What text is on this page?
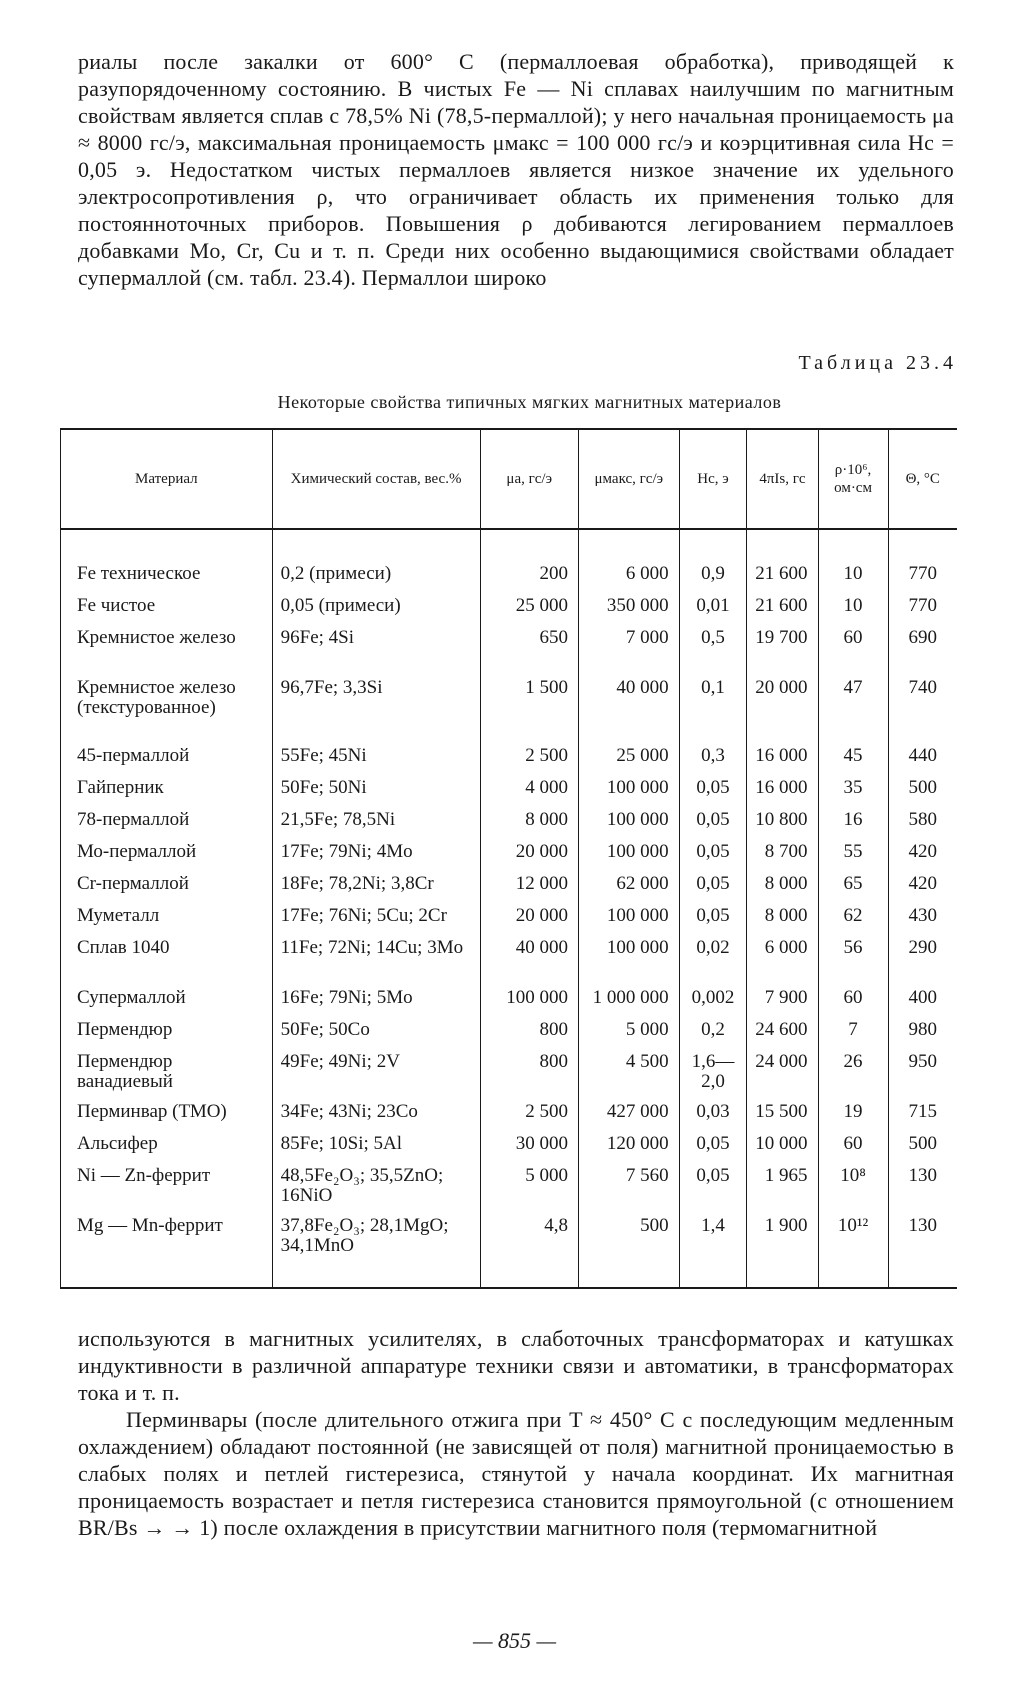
риалы после закалки от 600° С (пермаллоевая обработка), приводящей к разупорядоченному состоянию. В чистых Fe — Ni сплавах наилучшим по магнитным свойствам является сплав с 78,5% Ni (78,5-пермаллой); у него начальная проницаемость μa ≈ 8000 гс/э, максимальная проницаемость μмакс = 100 000 гс/э и коэрцитивная сила Hc = 0,05 э. Недостатком чистых пермаллоев является низкое значение их удельного электросопротивления ρ, что ограничивает область их применения только для постоянноточных приборов. Повышения ρ добиваются легированием пермаллоев добавками Mo, Cr, Cu и т. п. Среди них особенно выдающимися свойствами обладает супермаллой (см. табл. 23.4). Пермаллои широко

Таблица 23.4
Некоторые свойства типичных мягких магнитных материалов
Материал	Химический состав, вес.%	μa, гс/э	μмакс, гс/э	Hc, э	4πIs, гс	ρ·10⁶, ом·см	Θ, °С
Fe техническое	0,2 (примеси)	200	6 000	0,9	21 600	10	770
Fe чистое	0,05 (примеси)	25 000	350 000	0,01	21 600	10	770
Кремнистое железо	96Fe; 4Si	650	7 000	0,5	19 700	60	690
Кремнистое железо (текстурованное)	96,7Fe; 3,3Si	1 500	40 000	0,1	20 000	47	740
45-пермаллой	55Fe; 45Ni	2 500	25 000	0,3	16 000	45	440
Гайперник	50Fe; 50Ni	4 000	100 000	0,05	16 000	35	500
78-пермаллой	21,5Fe; 78,5Ni	8 000	100 000	0,05	10 800	16	580
Мо-пермаллой	17Fe; 79Ni; 4Mo	20 000	100 000	0,05	8 700	55	420
Cr-пермаллой	18Fe; 78,2Ni; 3,8Cr	12 000	62 000	0,05	8 000	65	420
Муметалл	17Fe; 76Ni; 5Cu; 2Cr	20 000	100 000	0,05	8 000	62	430
Сплав 1040	11Fe; 72Ni; 14Cu; 3Mo	40 000	100 000	0,02	6 000	56	290
Супермаллой	16Fe; 79Ni; 5Mo	100 000	1 000 000	0,002	7 900	60	400
Пермендюр	50Fe; 50Co	800	5 000	0,2	24 600	7	980
Пермендюр ванадиевый	49Fe; 49Ni; 2V	800	4 500	1,6—2,0	24 000	26	950
Перминвар (ТМО)	34Fe; 43Ni; 23Co	2 500	427 000	0,03	15 500	19	715
Альсифер	85Fe; 10Si; 5Al	30 000	120 000	0,05	10 000	60	500
Ni — Zn-феррит	48,5Fe₂O₃; 35,5ZnO; 16NiO	5 000	7 560	0,05	1 965	10⁸	130
Mg — Mn-феррит	37,8Fe₂O₃; 28,1MgO; 34,1MnO	4,8	500	1,4	1 900	10¹²	130

используются в магнитных усилителях, в слаботочных трансформаторах и катушках индуктивности в различной аппаратуре техники связи и автоматики, в трансформаторах тока и т. п.

Перминвары (после длительного отжига при T ≈ 450° С с последующим медленным охлаждением) обладают постоянной (не зависящей от поля) магнитной проницаемостью в слабых полях и петлей гистерезиса, стянутой у начала координат. Их магнитная проницаемость возрастает и петля гистерезиса становится прямоугольной (с отношением BR/Bs → → 1) после охлаждения в присутствии магнитного поля (термомагнитной

— 855 —
